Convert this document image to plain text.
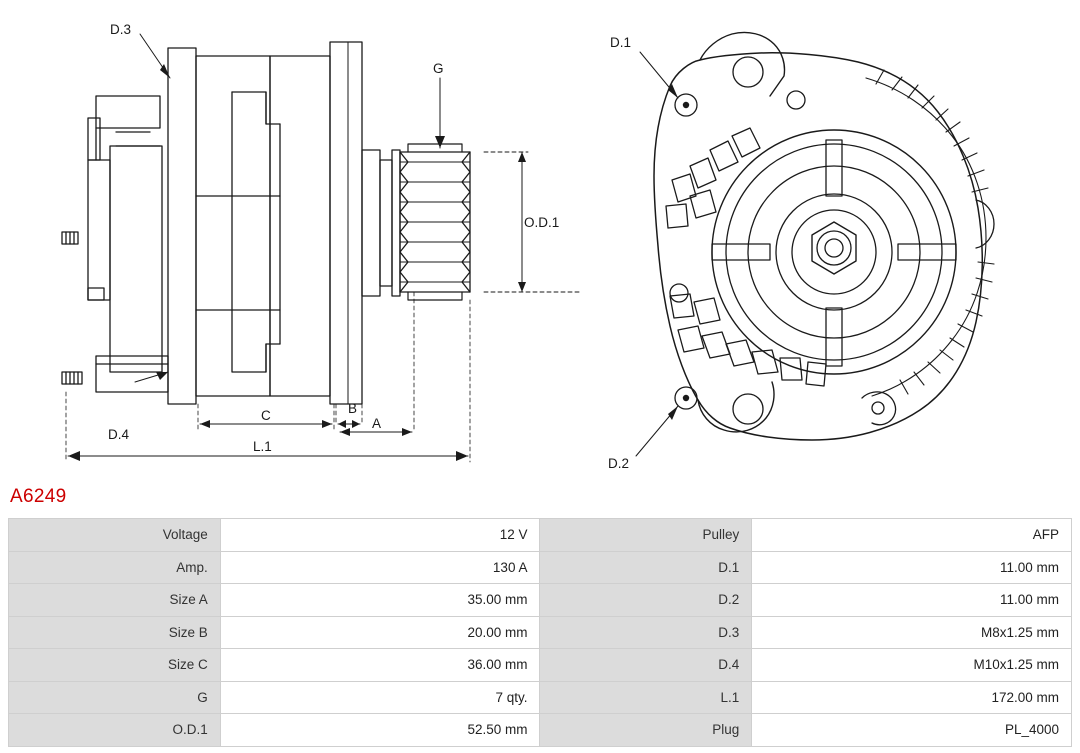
D.3
G
D.4
O.D.1
C	B
A
L.1
D.1
D.2
A6249
Voltage	12 V	Pulley	AFP
Amp.	130 A	D.1	11.00 mm
Size A	35.00 mm	D.2	11.00 mm
Size B	20.00 mm	D.3	M8x1.25 mm
Size C	36.00 mm	D.4	M10x1.25 mm
G	7 qty.	L.1	172.00 mm
O.D.1	52.50 mm	Plug	PL_4000
